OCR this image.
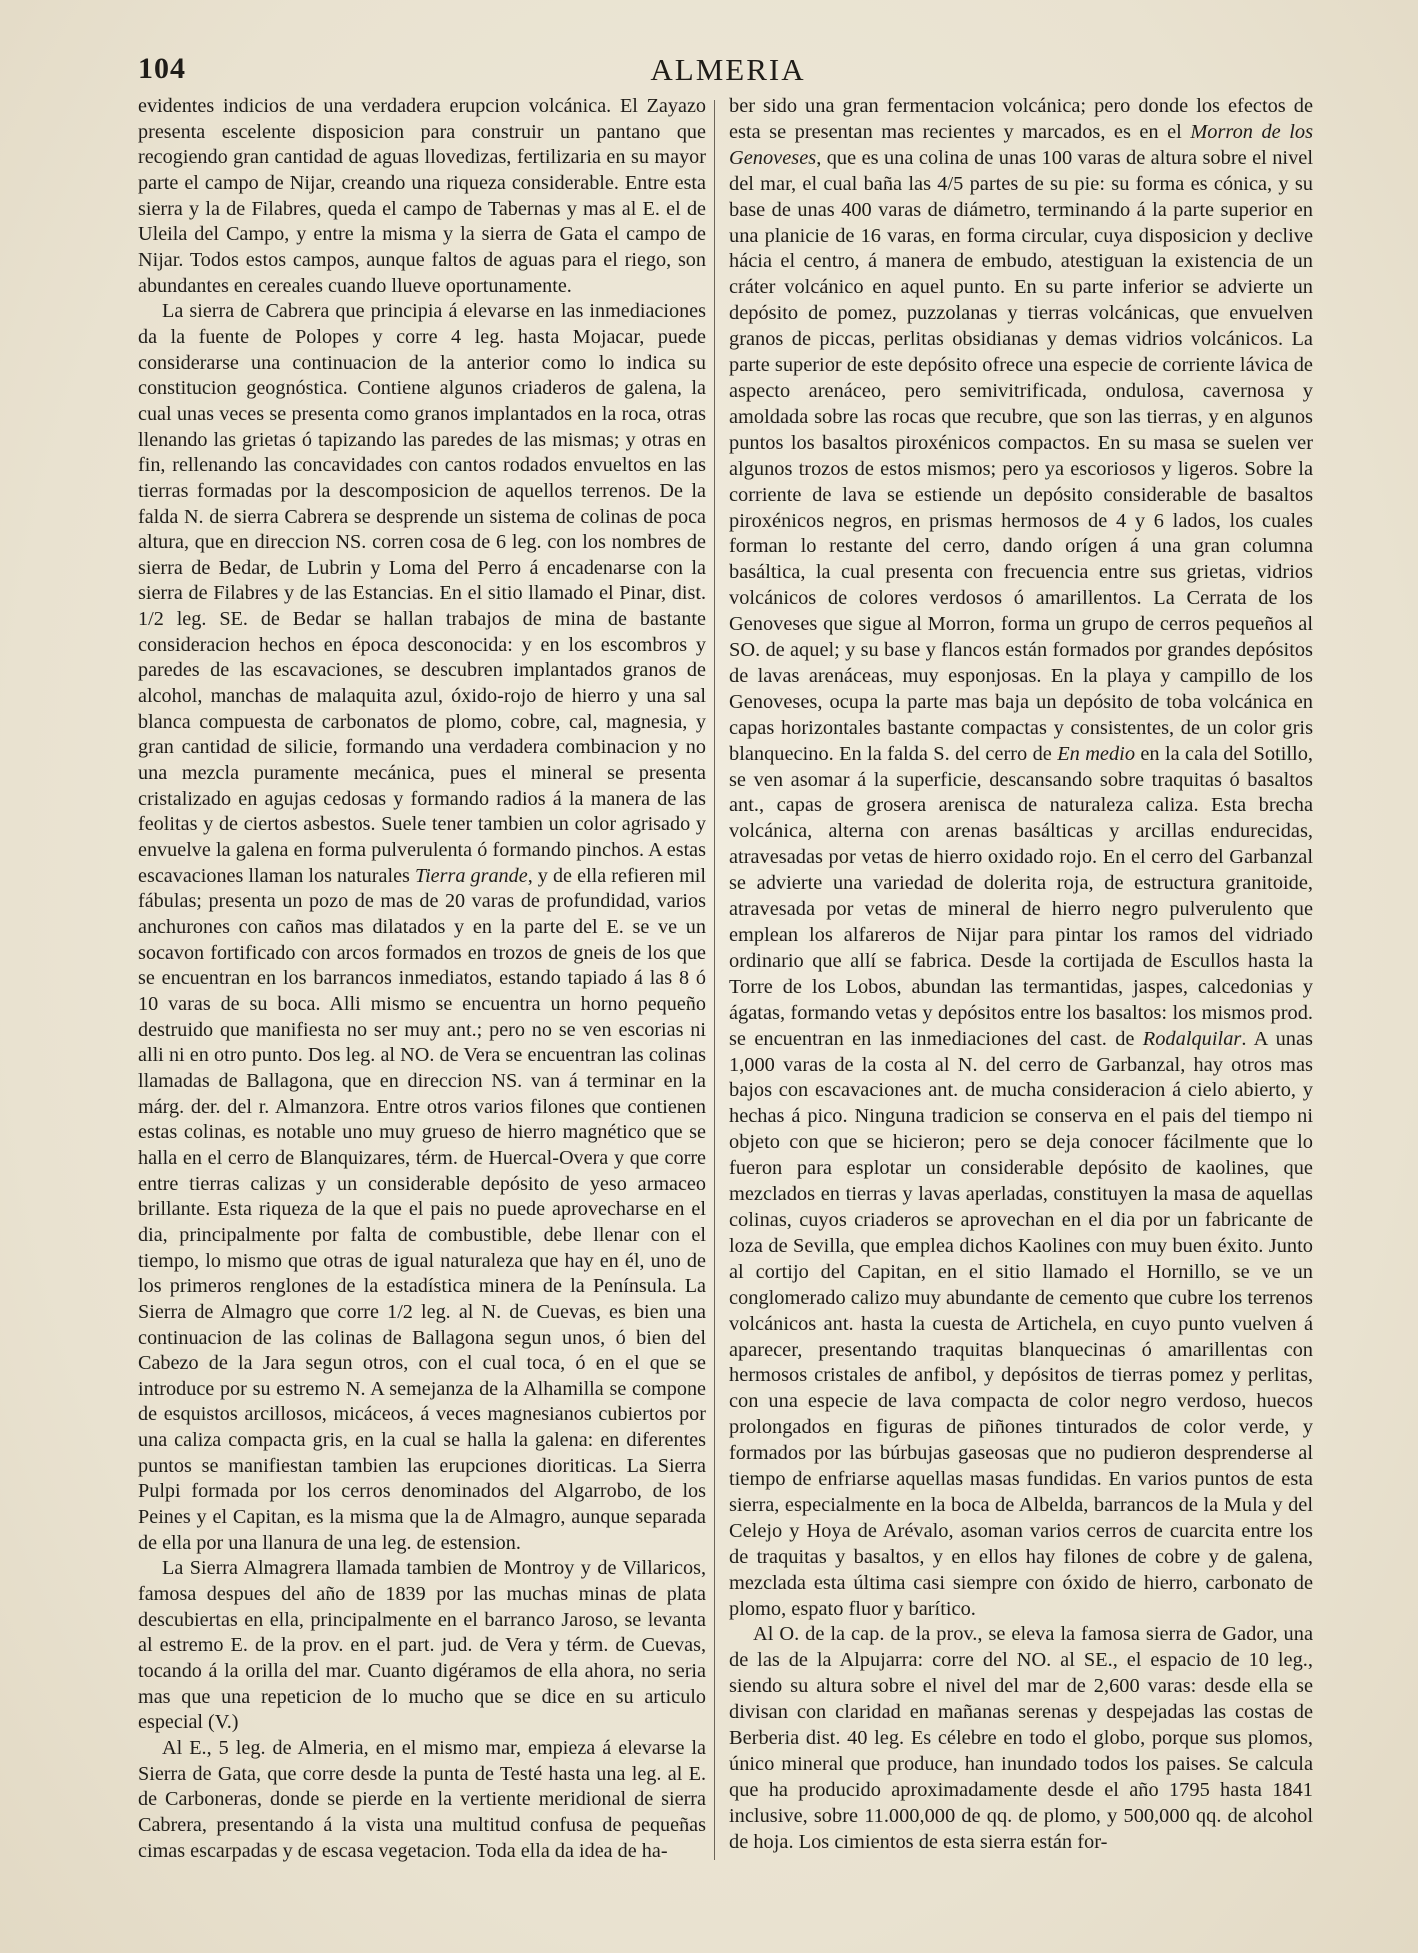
104	ALMERIA

evidentes indicios de una verdadera erupcion volcánica. El Zayazo presenta escelente disposicion para construir un pantano que recogiendo gran cantidad de aguas llovedizas, fertilizaria en su mayor parte el campo de Nijar, creando una riqueza considerable. Entre esta sierra y la de Filabres, queda el campo de Tabernas y mas al E. el de Uleila del Campo, y entre la misma y la sierra de Gata el campo de Nijar. Todos estos campos, aunque faltos de aguas para el riego, son abundantes en cereales cuando llueve oportunamente.

La sierra de Cabrera que principia á elevarse en las inmediaciones da la fuente de Polopes y corre 4 leg. hasta Mojacar, puede considerarse una continuacion de la anterior como lo indica su constitucion geognóstica. Contiene algunos criaderos de galena, la cual unas veces se presenta como granos implantados en la roca, otras llenando las grietas ó tapizando las paredes de las mismas; y otras en fin, rellenando las concavidades con cantos rodados envueltos en las tierras formadas por la descomposicion de aquellos terrenos. De la falda N. de sierra Cabrera se desprende un sistema de colinas de poca altura, que en direccion NS. corren cosa de 6 leg. con los nombres de sierra de Bedar, de Lubrin y Loma del Perro á encadenarse con la sierra de Filabres y de las Estancias. En el sitio llamado el Pinar, dist. 1/2 leg. SE. de Bedar se hallan trabajos de mina de bastante consideracion hechos en época desconocida: y en los escombros y paredes de las escavaciones, se descubren implantados granos de alcohol, manchas de malaquita azul, óxido-rojo de hierro y una sal blanca compuesta de carbonatos de plomo, cobre, cal, magnesia, y gran cantidad de silicie, formando una verdadera combinacion y no una mezcla puramente mecánica, pues el mineral se presenta cristalizado en agujas cedosas y formando radios á la manera de las feolitas y de ciertos asbestos. Suele tener tambien un color agrisado y envuelve la galena en forma pulverulenta ó formando pinchos. A estas escavaciones llaman los naturales Tierra grande, y de ella refieren mil fábulas; presenta un pozo de mas de 20 varas de profundidad, varios anchurones con caños mas dilatados y en la parte del E. se ve un socavon fortificado con arcos formados en trozos de gneis de los que se encuentran en los barrancos inmediatos, estando tapiado á las 8 ó 10 varas de su boca. Alli mismo se encuentra un horno pequeño destruido que manifiesta no ser muy ant.; pero no se ven escorias ni alli ni en otro punto. Dos leg. al NO. de Vera se encuentran las colinas llamadas de Ballagona, que en direccion NS. van á terminar en la márg. der. del r. Almanzora. Entre otros varios filones que contienen estas colinas, es notable uno muy grueso de hierro magnético que se halla en el cerro de Blanquizares, térm. de Huercal-Overa y que corre entre tierras calizas y un considerable depósito de yeso armaceo brillante. Esta riqueza de la que el pais no puede aprovecharse en el dia, principalmente por falta de combustible, debe llenar con el tiempo, lo mismo que otras de igual naturaleza que hay en él, uno de los primeros renglones de la estadística minera de la Península. La Sierra de Almagro que corre 1/2 leg. al N. de Cuevas, es bien una continuacion de las colinas de Ballagona segun unos, ó bien del Cabezo de la Jara segun otros, con el cual toca, ó en el que se introduce por su estremo N. A semejanza de la Alhamilla se compone de esquistos arcillosos, micáceos, á veces magnesianos cubiertos por una caliza compacta gris, en la cual se halla la galena: en diferentes puntos se manifiestan tambien las erupciones dioriticas. La Sierra Pulpi formada por los cerros denominados del Algarrobo, de los Peines y el Capitan, es la misma que la de Almagro, aunque separada de ella por una llanura de una leg. de estension.

La Sierra Almagrera llamada tambien de Montroy y de Villaricos, famosa despues del año de 1839 por las muchas minas de plata descubiertas en ella, principalmente en el barranco Jaroso, se levanta al estremo E. de la prov. en el part. jud. de Vera y térm. de Cuevas, tocando á la orilla del mar. Cuanto digéramos de ella ahora, no seria mas que una repeticion de lo mucho que se dice en su articulo especial (V.)

Al E., 5 leg. de Almeria, en el mismo mar, empieza á elevarse la Sierra de Gata, que corre desde la punta de Testé hasta una leg. al E. de Carboneras, donde se pierde en la vertiente meridional de sierra Cabrera, presentando á la vista una multitud confusa de pequeñas cimas escarpadas y de escasa vegetacion. Toda ella da idea de ha-

ber sido una gran fermentacion volcánica; pero donde los efectos de esta se presentan mas recientes y marcados, es en el Morron de los Genoveses, que es una colina de unas 100 varas de altura sobre el nivel del mar, el cual baña las 4/5 partes de su pie: su forma es cónica, y su base de unas 400 varas de diámetro, terminando á la parte superior en una planicie de 16 varas, en forma circular, cuya disposicion y declive hácia el centro, á manera de embudo, atestiguan la existencia de un cráter volcánico en aquel punto. En su parte inferior se advierte un depósito de pomez, puzzolanas y tierras volcánicas, que envuelven granos de piccas, perlitas obsidianas y demas vidrios volcánicos. La parte superior de este depósito ofrece una especie de corriente lávica de aspecto arenáceo, pero semivitrificada, ondulosa, cavernosa y amoldada sobre las rocas que recubre, que son las tierras, y en algunos puntos los basaltos piroxénicos compactos. En su masa se suelen ver algunos trozos de estos mismos; pero ya escoriosos y ligeros. Sobre la corriente de lava se estiende un depósito considerable de basaltos piroxénicos negros, en prismas hermosos de 4 y 6 lados, los cuales forman lo restante del cerro, dando orígen á una gran columna basáltica, la cual presenta con frecuencia entre sus grietas, vidrios volcánicos de colores verdosos ó amarillentos. La Cerrata de los Genoveses que sigue al Morron, forma un grupo de cerros pequeños al SO. de aquel; y su base y flancos están formados por grandes depósitos de lavas arenáceas, muy esponjosas. En la playa y campillo de los Genoveses, ocupa la parte mas baja un depósito de toba volcánica en capas horizontales bastante compactas y consistentes, de un color gris blanquecino. En la falda S. del cerro de En medio en la cala del Sotillo, se ven asomar á la superficie, descansando sobre traquitas ó basaltos ant., capas de grosera arenisca de naturaleza caliza. Esta brecha volcánica, alterna con arenas basálticas y arcillas endurecidas, atravesadas por vetas de hierro oxidado rojo. En el cerro del Garbanzal se advierte una variedad de dolerita roja, de estructura granitoide, atravesada por vetas de mineral de hierro negro pulverulento que emplean los alfareros de Nijar para pintar los ramos del vidriado ordinario que allí se fabrica. Desde la cortijada de Escullos hasta la Torre de los Lobos, abundan las termantidas, jaspes, calcedonias y ágatas, formando vetas y depósitos entre los basaltos: los mismos prod. se encuentran en las inmediaciones del cast. de Rodalquilar. A unas 1,000 varas de la costa al N. del cerro de Garbanzal, hay otros mas bajos con escavaciones ant. de mucha consideracion á cielo abierto, y hechas á pico. Ninguna tradicion se conserva en el pais del tiempo ni objeto con que se hicieron; pero se deja conocer fácilmente que lo fueron para esplotar un considerable depósito de kaolines, que mezclados en tierras y lavas aperladas, constituyen la masa de aquellas colinas, cuyos criaderos se aprovechan en el dia por un fabricante de loza de Sevilla, que emplea dichos Kaolines con muy buen éxito. Junto al cortijo del Capitan, en el sitio llamado el Hornillo, se ve un conglomerado calizo muy abundante de cemento que cubre los terrenos volcánicos ant. hasta la cuesta de Artichela, en cuyo punto vuelven á aparecer, presentando traquitas blanquecinas ó amarillentas con hermosos cristales de anfibol, y depósitos de tierras pomez y perlitas, con una especie de lava compacta de color negro verdoso, huecos prolongados en figuras de piñones tinturados de color verde, y formados por las búrbujas gaseosas que no pudieron desprenderse al tiempo de enfriarse aquellas masas fundidas. En varios puntos de esta sierra, especialmente en la boca de Albelda, barrancos de la Mula y del Celejo y Hoya de Arévalo, asoman varios cerros de cuarcita entre los de traquitas y basaltos, y en ellos hay filones de cobre y de galena, mezclada esta última casi siempre con óxido de hierro, carbonato de plomo, espato fluor y barítico.

Al O. de la cap. de la prov., se eleva la famosa sierra de Gador, una de las de la Alpujarra: corre del NO. al SE., el espacio de 10 leg., siendo su altura sobre el nivel del mar de 2,600 varas: desde ella se divisan con claridad en mañanas serenas y despejadas las costas de Berberia dist. 40 leg. Es célebre en todo el globo, porque sus plomos, único mineral que produce, han inundado todos los paises. Se calcula que ha producido aproximadamente desde el año 1795 hasta 1841 inclusive, sobre 11.000,000 de qq. de plomo, y 500,000 qq. de alcohol de hoja. Los cimientos de esta sierra están for-
